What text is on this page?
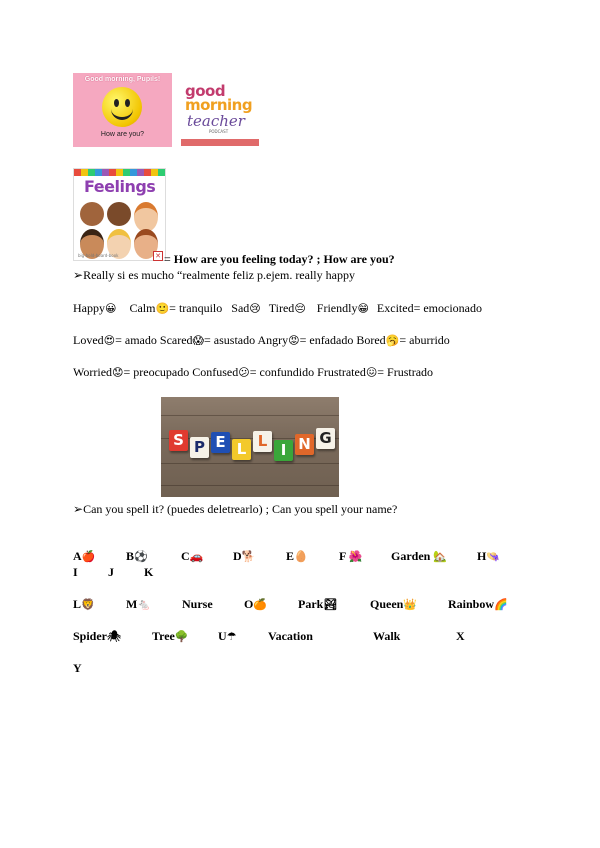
Good morning, Pupils!
How are you?
good
morning
teacher
PODCAST
Feelings
big-bold-board-book	✕ = How are you feeling today? ; How are you?
➢Really si es mucho “realmente feliz p.ejem. really happy
Happy😀 Calm🙂= tranquilo Sad😢 Tired😔 Friendly😁 Excited= emocionado
Loved😍= amado Scared😱= asustado Angry😡= enfadado Bored🥱= aburrido
Worried😟= preocupado Confused😕= confundido Frustrated😖= Frustrado
S P E L L I N G
➢Can you spell it? (puedes deletrearlo) ; Can you spell your name?
A🍎	B⚽	C🚗 D🐕	E🥚	F 🌺 Garden 🏡 H👒
I	J	K
L🦁	M🐁	Nurse	O🍊	Park🏞	Queen👑	Rainbow🌈
Spider🕷	Tree🌳 U☂	Vacation	Walk	X
Y
